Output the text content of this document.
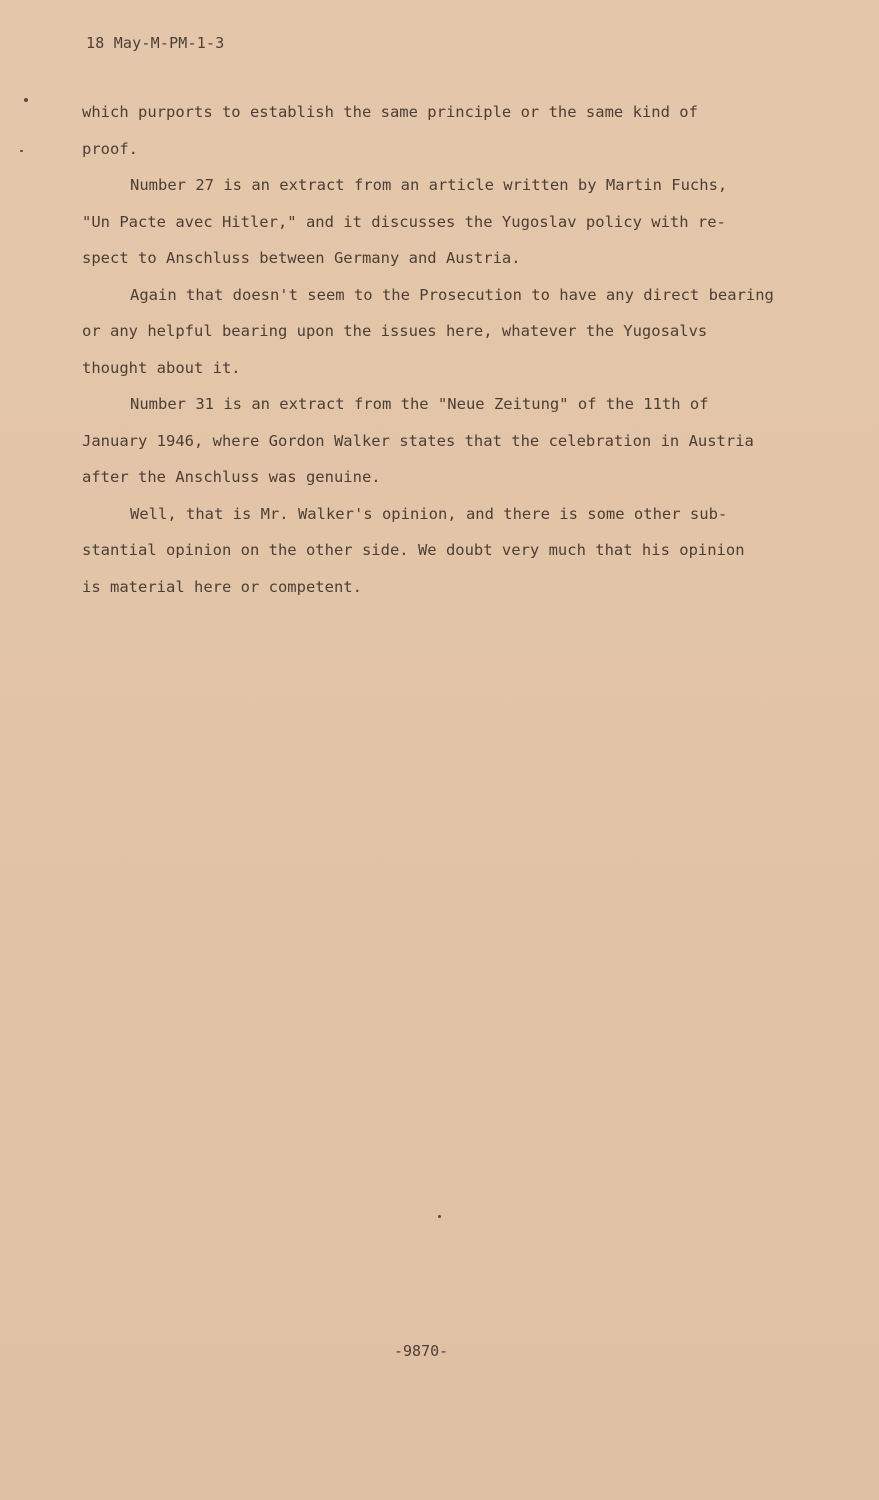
18 May-M-PM-1-3
which purports to establish the same principle or the same kind of
proof.
Number 27 is an extract from an article written by Martin Fuchs,
"Un Pacte avec Hitler," and it discusses the Yugoslav policy with re-
spect to Anschluss between Germany and Austria.
Again that doesn't seem to the Prosecution to have any direct bearing
or any helpful bearing upon the issues here, whatever the Yugosalvs
thought about it.
Number 31 is an extract from the "Neue Zeitung" of the 11th of
January 1946, where Gordon Walker states that the celebration in Austria
after the Anschluss was genuine.
Well, that is Mr. Walker's opinion, and there is some other sub-
stantial opinion on the other side. We doubt very much that his opinion
is material here or competent.
-9870-
